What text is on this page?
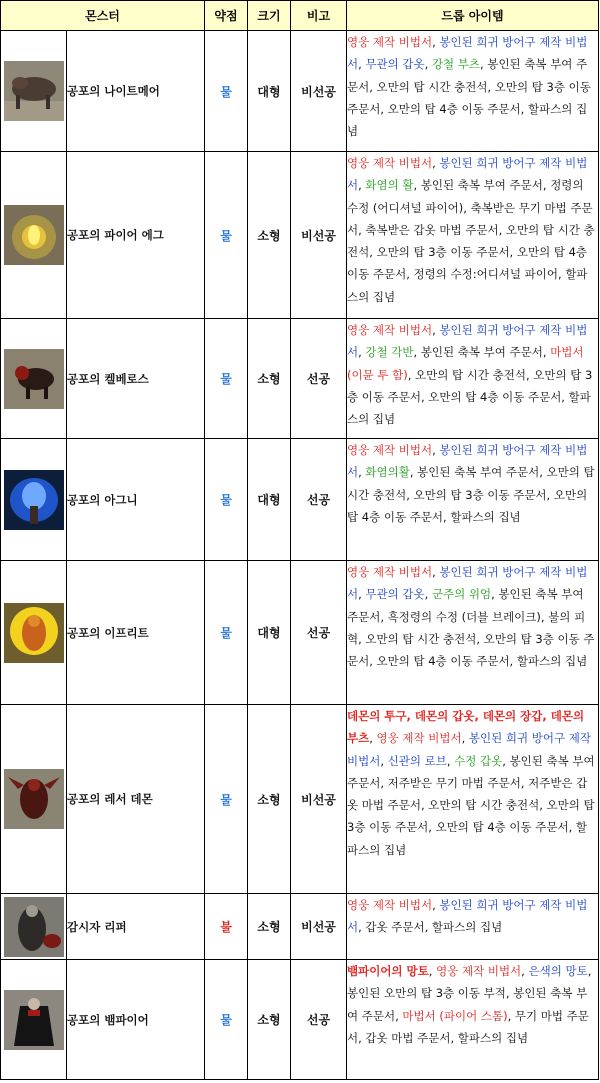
몬스터		약점	크기	비고	드롭 아이템

	공포의 나이트메어	물	대형	비선공	영웅 제작 비법서, 봉인된 희귀 방어구 제작 비법서, 무관의 갑옷, 강철 부츠, 봉인된 축복 부여 주문서, 오만의 탑 시간 충전석, 오만의 탑 3층 이동 주문서, 오만의 탑 4층 이동 주문서, 할파스의 집념

	공포의 파이어 에그	물	소형	비선공	영웅 제작 비법서, 봉인된 희귀 방어구 제작 비법서, 화염의 활, 봉인된 축복 부여 주문서, 정령의 수정 (어디셔널 파이어), 축복받은 무기 마법 주문서, 축복받은 갑옷 마법 주문서, 오만의 탑 시간 충전석, 오만의 탑 3층 이동 주문서, 오만의 탑 4층 이동 주문서, 정령의 수정:어디셔널 파이어, 할파스의 집념

	공포의 켈베로스	물	소형	선공	영웅 제작 비법서, 봉인된 희귀 방어구 제작 비법서, 강철 각반, 봉인된 축복 부여 주문서, 마법서 (이뮨 투 함), 오만의 탑 시간 충전석, 오만의 탑 3층 이동 주문서, 오만의 탑 4층 이동 주문서, 할파스의 집념

	공포의 아그니	물	대형	선공	영웅 제작 비법서, 봉인된 희귀 방어구 제작 비법서, 화염의활, 봉인된 축복 부여 주문서, 오만의 탑 시간 충전석, 오만의 탑 3층 이동 주문서, 오만의 탑 4층 이동 주문서, 할파스의 집념

	공포의 이프리트	물	대형	선공	영웅 제작 비법서, 봉인된 희귀 방어구 제작 비법서, 무관의 갑옷, 군주의 위엄, 봉인된 축복 부여 주문서, 흑정령의 수정 (더블 브레이크), 불의 피혁, 오만의 탑 시간 충전석, 오만의 탑 3층 이동 주문서, 오만의 탑 4층 이동 주문서, 할파스의 집념

	공포의 레서 데몬	물	소형	비선공	데몬의 투구, 데몬의 갑옷, 데몬의 장갑, 데몬의 부츠, 영웅 제작 비법서, 봉인된 희귀 방어구 제작 비법서, 신관의 로브, 수정 갑옷, 봉인된 축복 부여 주문서, 저주받은 무기 마법 주문서, 저주받은 갑옷 마법 주문서, 오만의 탑 시간 충전석, 오만의 탑 3층 이동 주문서, 오만의 탑 4층 이동 주문서, 할파스의 집념

	감시자 리퍼	불	소형	비선공	영웅 제작 비법서, 봉인된 희귀 방어구 제작 비법서, 갑옷 주문서, 할파스의 집념

	공포의 뱀파이어	물	소형	선공	뱀파이어의 망토, 영웅 제작 비법서, 은색의 망토, 봉인된 오만의 탑 3층 이동 부적, 봉인된 축복 부여 주문서, 마법서 (파이어 스톰), 무기 마법 주문서, 갑옷 마법 주문서, 할파스의 집념
